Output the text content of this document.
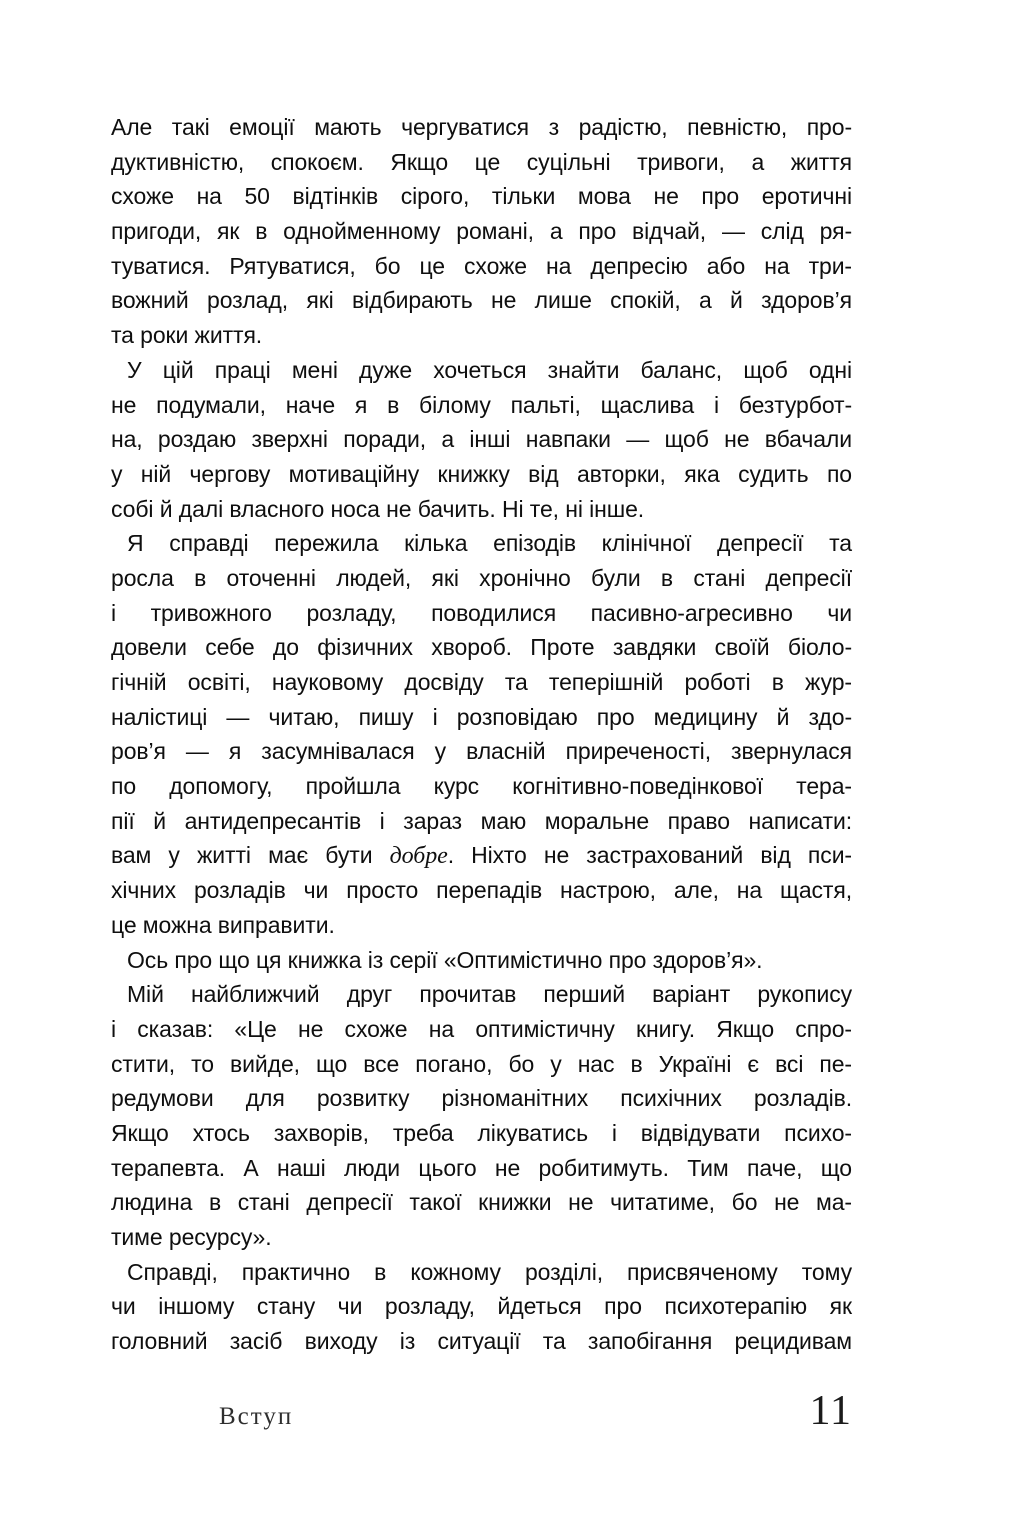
Але такі емоції мають чергуватися з радістю, певністю, про-
дуктивністю, спокоєм. Якщо це суцільні тривоги, а життя
схоже на 50 відтінків сірого, тільки мова не про еротичні
пригоди, як в однойменному романі, а про відчай, — слід ря-
туватися. Рятуватися, бо це схоже на депресію або на три-
вожний розлад, які відбирають не лише спокій, а й здоров’я
та роки життя.
У цій праці мені дуже хочеться знайти баланс, щоб одні
не подумали, наче я в білому пальті, щаслива і безтурбот-
на, роздаю зверхні поради, а інші навпаки — щоб не вбачали
у ній чергову мотиваційну книжку від авторки, яка судить по
собі й далі власного носа не бачить. Ні те, ні інше.
Я справді пережила кілька епізодів клінічної депресії та
росла в оточенні людей, які хронічно були в стані депресії
і тривожного розладу, поводилися пасивно-агресивно чи
довели себе до фізичних хвороб. Проте завдяки своїй біоло-
гічній освіті, науковому досвіду та теперішній роботі в жур-
налістиці — читаю, пишу і розповідаю про медицину й здо-
ров’я — я засумнівалася у власній приреченості, звернулася
по допомогу, пройшла курс когнітивно-поведінкової тера-
пії й антидепресантів і зараз маю моральне право написати:
вам у житті має бути добре. Ніхто не застрахований від пси-
хічних розладів чи просто перепадів настрою, але, на щастя,
це можна виправити.
Ось про що ця книжка із серії «Оптимістично про здоров’я».
Мій найближчий друг прочитав перший варіант рукопису
і сказав: «Це не схоже на оптимістичну книгу. Якщо спро-
стити, то вийде, що все погано, бо у нас в Україні є всі пе-
редумови для розвитку різноманітних психічних розладів.
Якщо хтось захворів, треба лікуватись і відвідувати психо-
терапевта. А наші люди цього не робитимуть. Тим паче, що
людина в стані депресії такої книжки не читатиме, бо не ма-
тиме ресурсу».
Справді, практично в кожному розділі, присвяченому тому
чи іншому стану чи розладу, йдеться про психотерапію як
головний засіб виходу із ситуації та запобігання рецидивам
Вступ	11
